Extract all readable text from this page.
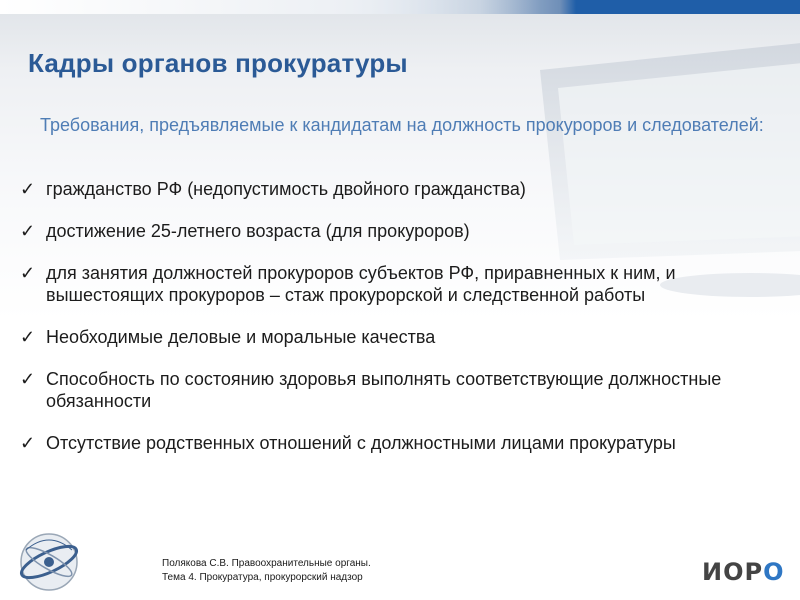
Кадры органов прокуратуры
Требования, предъявляемые к кандидатам на должность прокуроров и следователей:
✓ гражданство РФ (недопустимость двойного гражданства)
✓ достижение 25-летнего возраста (для прокуроров)
✓ для занятия должностей прокуроров субъектов РФ, приравненных к ним, и вышестоящих прокуроров – стаж прокурорской и следственной работы
✓ Необходимые деловые и моральные качества
✓ Способность по состоянию здоровья выполнять соответствующие должностные обязанности
✓ Отсутствие родственных отношений с должностными лицами прокуратуры
Полякова С.В. Правоохранительные органы.
Тема 4. Прокуратура, прокурорский надзор	ИОРО
